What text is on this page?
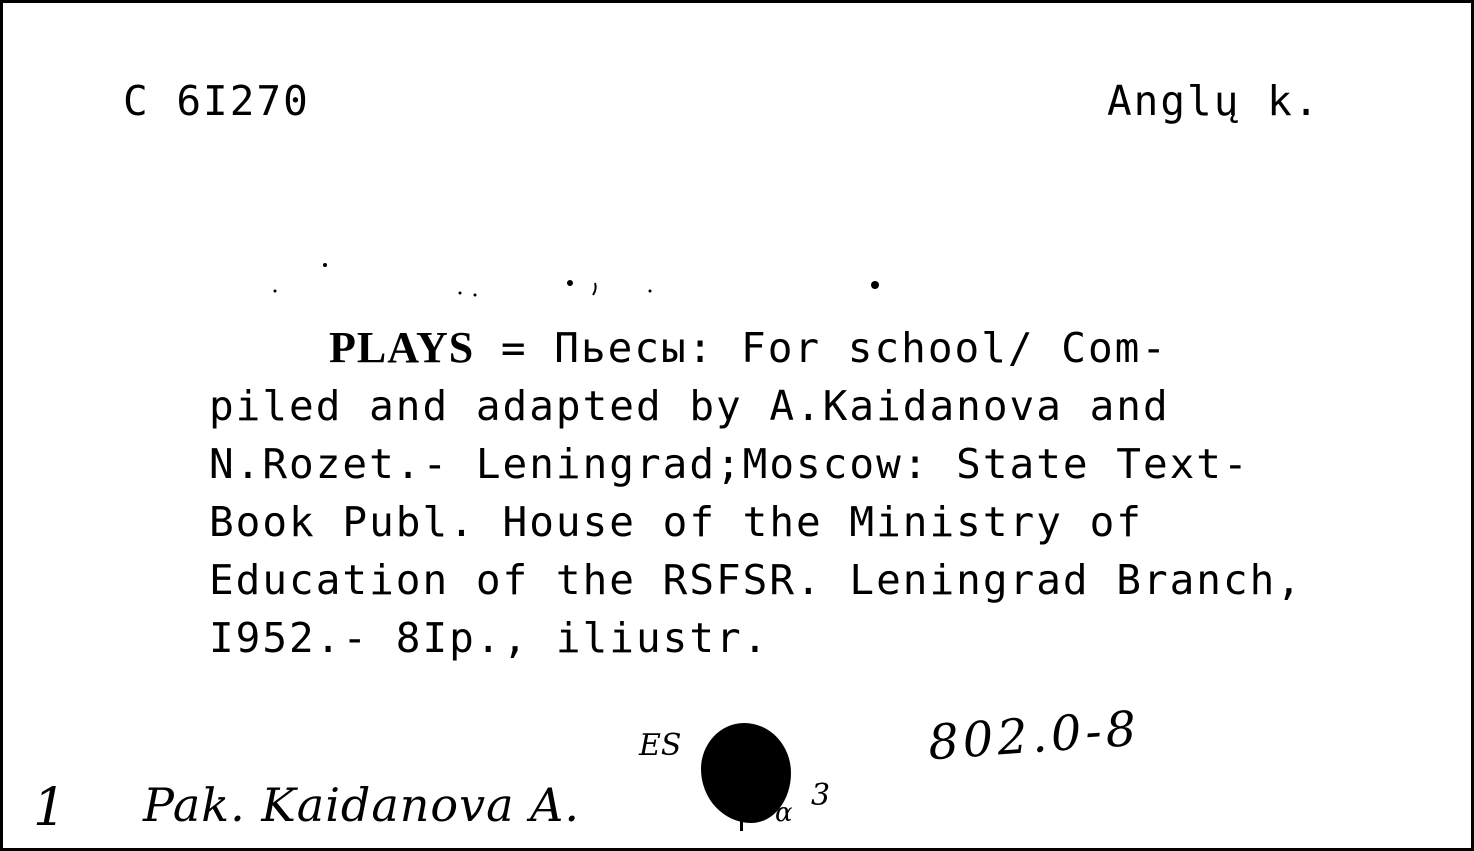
C 6I270	Anglų k.
PLAYS = Пьесы: For school/ Com-
piled and adapted by A.Kaidanova and
N.Rozet.- Leningrad;Moscow: State Text-
Book Publ. House of the Ministry of
Education of the RSFSR. Leningrad Branch,
I952.- 8Ip., iliustr.
802.0-8
1 Pak. Kaidanova A.
ES
α 3
